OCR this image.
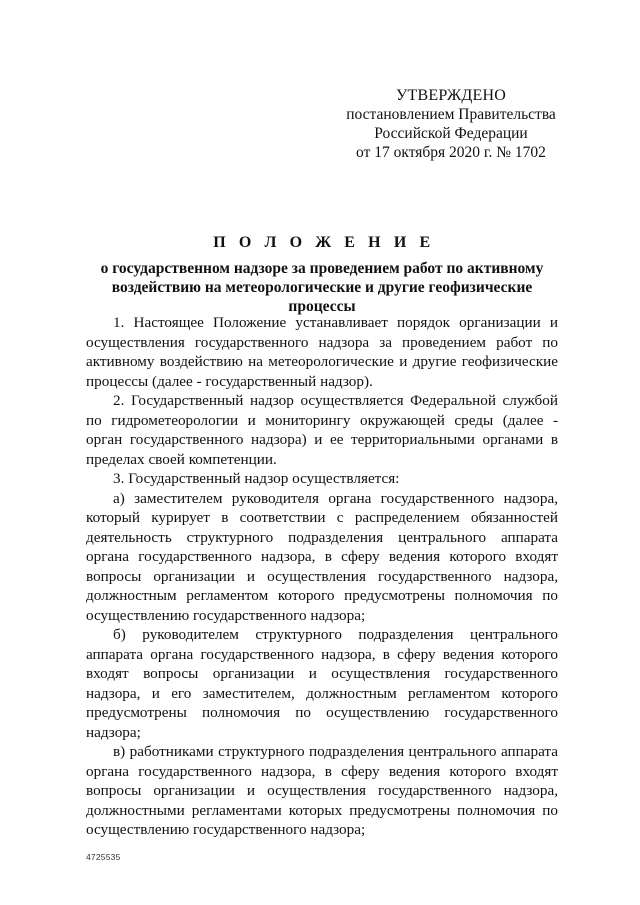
УТВЕРЖДЕНО
постановлением Правительства
Российской Федерации
от 17 октября 2020 г. № 1702
П О Л О Ж Е Н И Е
о государственном надзоре за проведением работ по активному воздействию на метеорологические и другие геофизические процессы

1. Настоящее Положение устанавливает порядок организации и осуществления государственного надзора за проведением работ по активному воздействию на метеорологические и другие геофизические процессы (далее - государственный надзор).

2. Государственный надзор осуществляется Федеральной службой по гидрометеорологии и мониторингу окружающей среды (далее - орган государственного надзора) и ее территориальными органами в пределах своей компетенции.

3. Государственный надзор осуществляется:

а) заместителем руководителя органа государственного надзора, который курирует в соответствии с распределением обязанностей деятельность структурного подразделения центрального аппарата органа государственного надзора, в сферу ведения которого входят вопросы организации и осуществления государственного надзора, должностным регламентом которого предусмотрены полномочия по осуществлению государственного надзора;

б) руководителем структурного подразделения центрального аппарата органа государственного надзора, в сферу ведения которого входят вопросы организации и осуществления государственного надзора, и его заместителем, должностным регламентом которого предусмотрены полномочия по осуществлению государственного надзора;

в) работниками структурного подразделения центрального аппарата органа государственного надзора, в сферу ведения которого входят вопросы организации и осуществления государственного надзора, должностными регламентами которых предусмотрены полномочия по осуществлению государственного надзора;

4725535
